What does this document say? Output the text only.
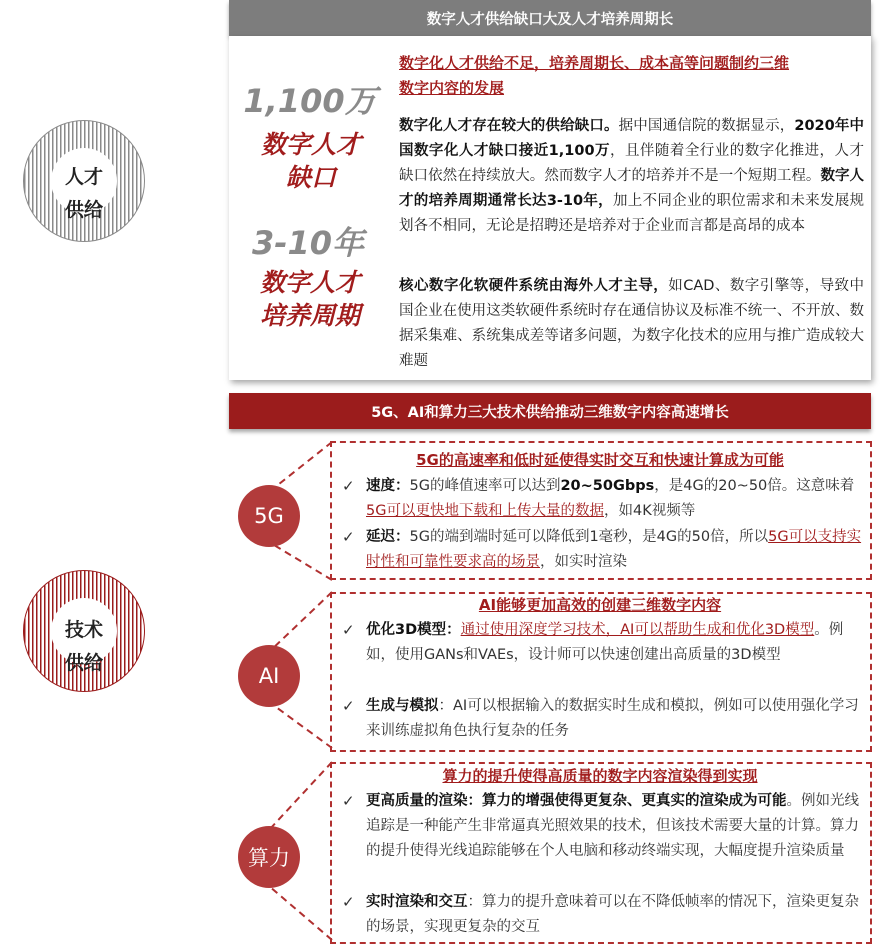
人才
供给
数字人才供给缺口大及人才培养周期长
1,100万
数字人才
缺口
3-10年
数字人才
培养周期
数字化人才供给不足，培养周期长、成本高等问题制约三维
数字内容的发展
数字化人才存在较大的供给缺口。据中国通信院的数据显示，2020年中国数字化人才缺口接近1,100万，且伴随着全行业的数字化推进，人才缺口依然在持续放大。然而数字人才的培养并不是一个短期工程。数字人才的培养周期通常长达3-10年，加上不同企业的职位需求和未来发展规划各不相同，无论是招聘还是培养对于企业而言都是高昂的成本
核心数字化软硬件系统由海外人才主导，如CAD、数字引擎等，导致中国企业在使用这类软硬件系统时存在通信协议及标准不统一、不开放、数据采集难、系统集成差等诸多问题，为数字化技术的应用与推广造成较大难题
技术
供给
5G、AI和算力三大技术供给推动三维数字内容高速增长
5G
5G的高速率和低时延使得实时交互和快速计算成为可能
✓ 速度：5G的峰值速率可以达到20~50Gbps，是4G的20~50倍。这意味着5G可以更快地下载和上传大量的数据，如4K视频等
✓ 延迟：5G的端到端时延可以降低到1毫秒，是4G的50倍，所以5G可以支持实时性和可靠性要求高的场景，如实时渲染
AI
AI能够更加高效的创建三维数字内容
✓ 优化3D模型：通过使用深度学习技术，AI可以帮助生成和优化3D模型。例如，使用GANs和VAEs，设计师可以快速创建出高质量的3D模型
✓ 生成与模拟：AI可以根据输入的数据实时生成和模拟，例如可以使用强化学习来训练虚拟角色执行复杂的任务
算力
算力的提升使得高质量的数字内容渲染得到实现
✓ 更高质量的渲染：算力的增强使得更复杂、更真实的渲染成为可能。例如光线追踪是一种能产生非常逼真光照效果的技术，但该技术需要大量的计算。算力的提升使得光线追踪能够在个人电脑和移动终端实现，大幅度提升渲染质量
✓ 实时渲染和交互：算力的提升意味着可以在不降低帧率的情况下，渲染更复杂的场景，实现更复杂的交互
